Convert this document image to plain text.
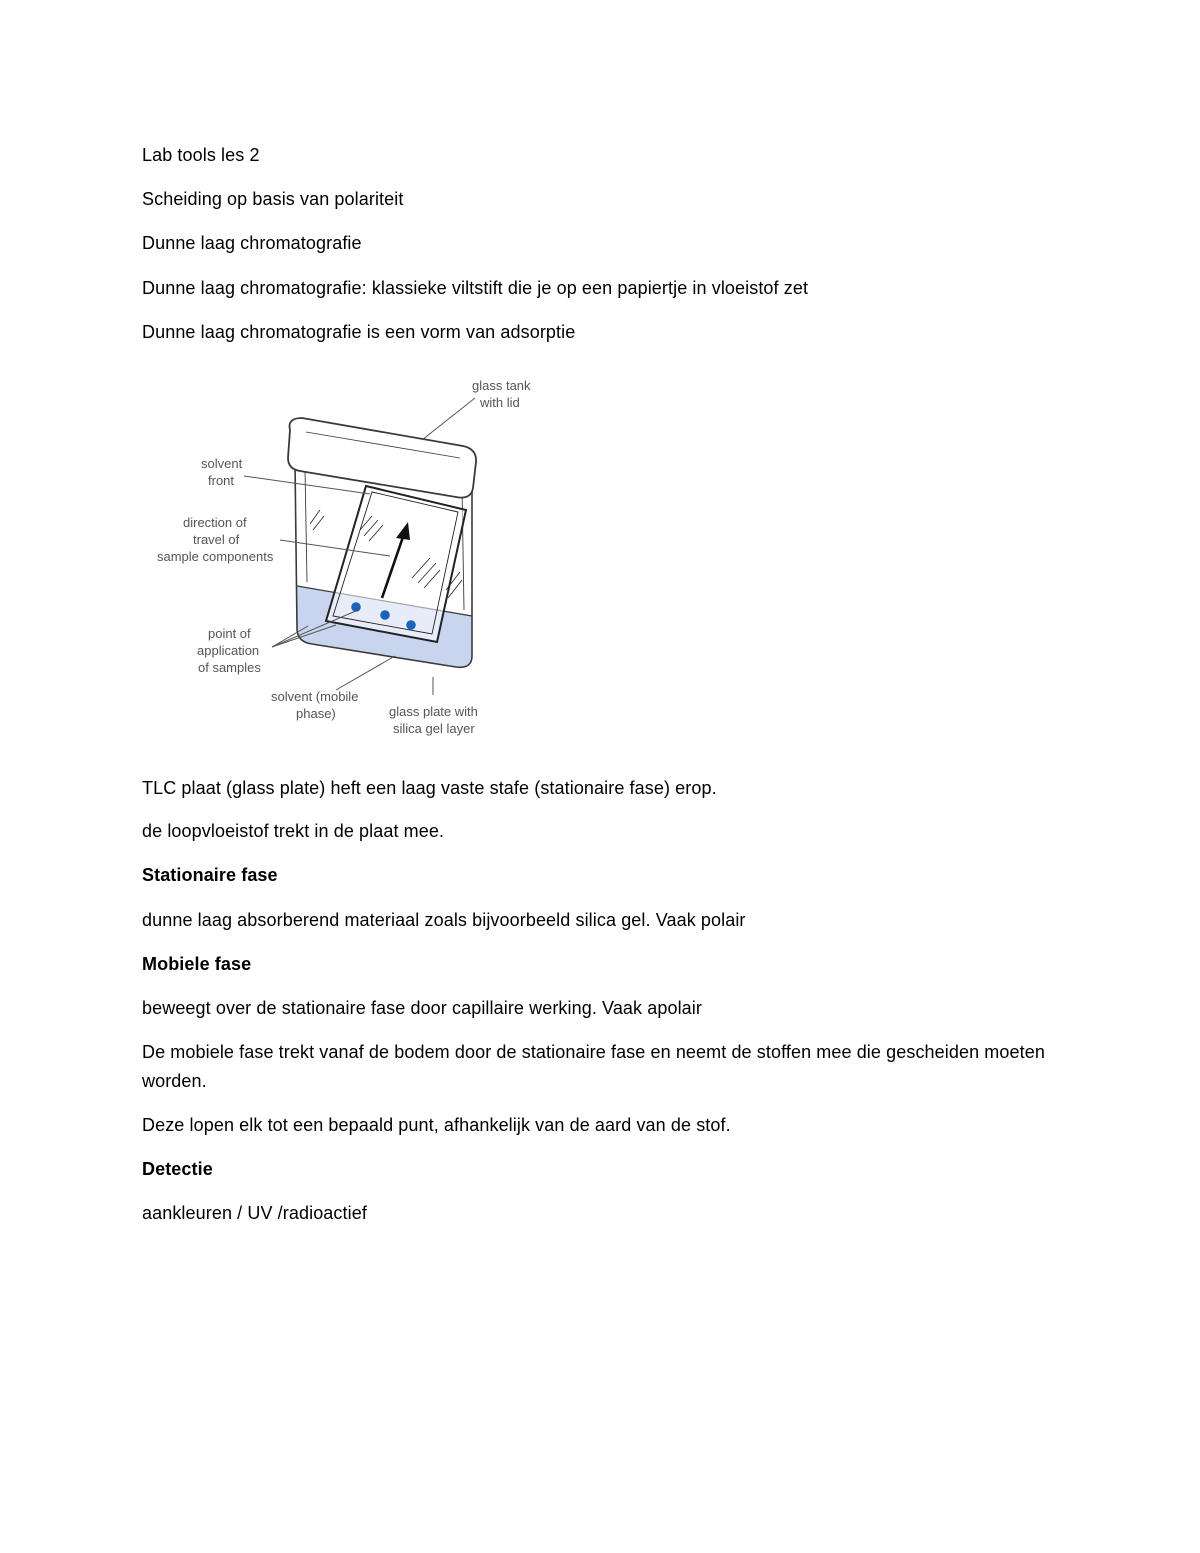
Lab tools les 2
Scheiding op basis van polariteit
Dunne laag chromatografie
Dunne laag chromatografie: klassieke viltstift die je op een papiertje in vloeistof zet
Dunne laag chromatografie is een vorm van adsorptie
glass tank
with lid
solvent
front
direction of
travel of
sample components
point of
application
of samples
solvent (mobile
phase)	glass plate with
silica gel layer
TLC plaat (glass plate) heft een laag vaste stafe (stationaire fase) erop.
de loopvloeistof trekt in de plaat mee.
Stationaire fase
dunne laag absorberend materiaal zoals bijvoorbeeld silica gel. Vaak polair
Mobiele fase
beweegt over de stationaire fase door capillaire werking. Vaak apolair
De mobiele fase trekt vanaf de bodem door de stationaire fase en neemt de stoffen mee die gescheiden moeten worden.
Deze lopen elk tot een bepaald punt, afhankelijk van de aard van de stof.
Detectie
aankleuren / UV /radioactief
